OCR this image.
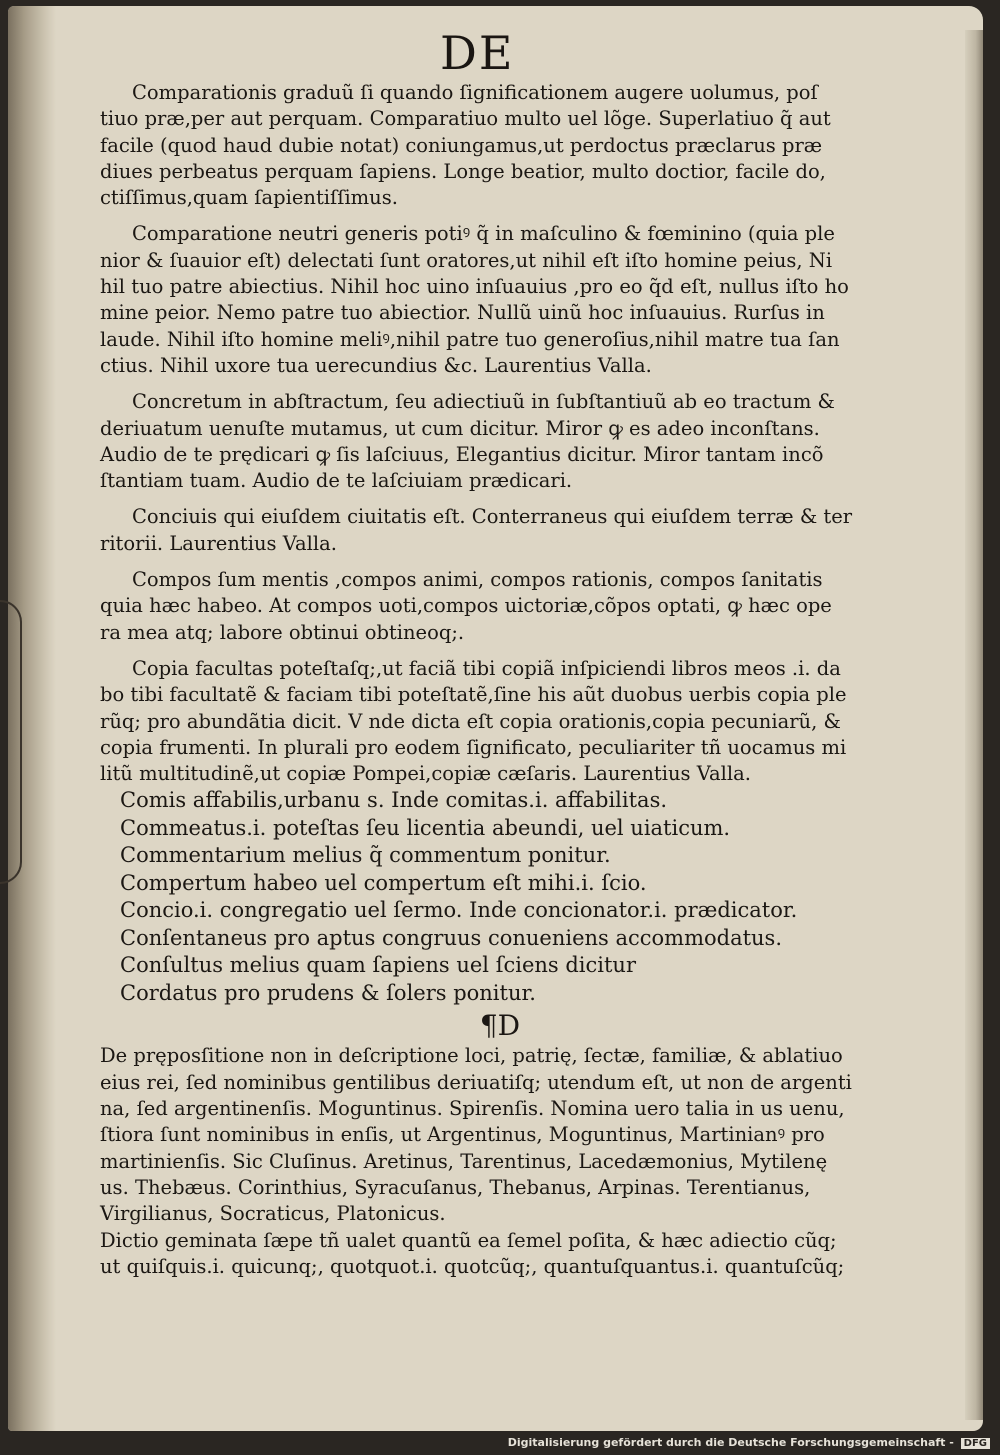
DE
Comparationis graduũ ſi quando ſignificationem augere uolumus, poſ
tiuo præ,per aut perquam. Comparatiuo multo uel lõge. Superlatiuo q̃ aut
facile (quod haud dubie notat) coniungamus,ut perdoctus præclarus præ
diues perbeatus perquam ſapiens. Longe beatior, multo doctior, facile do,
ctiſſimus,quam ſapientiſſimus.
Comparatione neutri generis potiꝰ q̃ in maſculino & fœminino (quia ple
nior & ſuauior eſt) delectati ſunt oratores,ut nihil eſt iſto homine peius, Ni
hil tuo patre abiectius. Nihil hoc uino inſuauius ,pro eo q̃d eſt, nullus iſto ho
mine peior. Nemo patre tuo abiectior. Nullũ uinũ hoc inſuauius. Rurſus in
laude. Nihil iſto homine meliꝰ,nihil patre tuo generoſius,nihil matre tua ſan
ctius. Nihil uxore tua uerecundius &c. Laurentius Valla.
Concretum in abſtractum, ſeu adiectiuũ in ſubſtantiuũ ab eo tractum &
deriuatum uenuſte mutamus, ut cum dicitur. Miror ꝙ es adeo inconſtans.
Audio de te prędicari ꝙ ſis laſciuus, Elegantius dicitur. Miror tantam incõ
ſtantiam tuam. Audio de te laſciuiam prædicari.
Conciuis qui eiuſdem ciuitatis eſt. Conterraneus qui eiuſdem terræ & ter
ritorii. Laurentius Valla.
Compos ſum mentis ,compos animi, compos rationis, compos ſanitatis
quia hæc habeo. At compos uoti,compos uictoriæ,cõpos optati, ꝙ hæc ope
ra mea atq; labore obtinui obtineoq;.
Copia facultas poteſtaſq;,ut faciã tibi copiã inſpiciendi libros meos .i. da
bo tibi facultatẽ & faciam tibi poteſtatẽ,ſine his aũt duobus uerbis copia ple
rũq; pro abundãtia dicit. V nde dicta eſt copia orationis,copia pecuniarũ, &
copia frumenti. In plurali pro eodem ſignificato, peculiariter tñ uocamus mi
litũ multitudinẽ,ut copiæ Pompei,copiæ cæſaris. Laurentius Valla.
Comis affabilis,urbanu s. Inde comitas.i. affabilitas.
Commeatus.i. poteſtas ſeu licentia abeundi, uel uiaticum.
Commentarium melius q̃ commentum ponitur.
Compertum habeo uel compertum eſt mihi.i. ſcio.
Concio.i. congregatio uel ſermo. Inde concionator.i. prædicator.
Conſentaneus pro aptus congruus conueniens accommodatus.
Conſultus melius quam ſapiens uel ſciens dicitur
Cordatus pro prudens & ſolers ponitur.
¶D
De pręposſitione non in deſcriptione loci, patrię, ſectæ, familiæ, & ablatiuo
eius rei, ſed nominibus gentilibus deriuatiſq; utendum eſt, ut non de argenti
na, ſed argentinenſis. Moguntinus. Spirenſis. Nomina uero talia in us uenu,
ſtiora ſunt nominibus in enſis, ut Argentinus, Moguntinus, Martinianꝰ pro
martinienſis. Sic Cluſinus. Aretinus, Tarentinus, Lacedæmonius, Mytilenę
us. Thebæus. Corinthius, Syracuſanus, Thebanus, Arpinas. Terentianus,
Virgilianus, Socraticus, Platonicus.
Dictio geminata ſæpe tñ ualet quantũ ea ſemel poſita, & hæc adiectio cũq;
ut quiſquis.i. quicunq;, quotquot.i. quotcũq;, quantuſquantus.i. quantuſcũq;
Digitalisierung gefördert durch die Deutsche Forschungsgemeinschaft - DFG
